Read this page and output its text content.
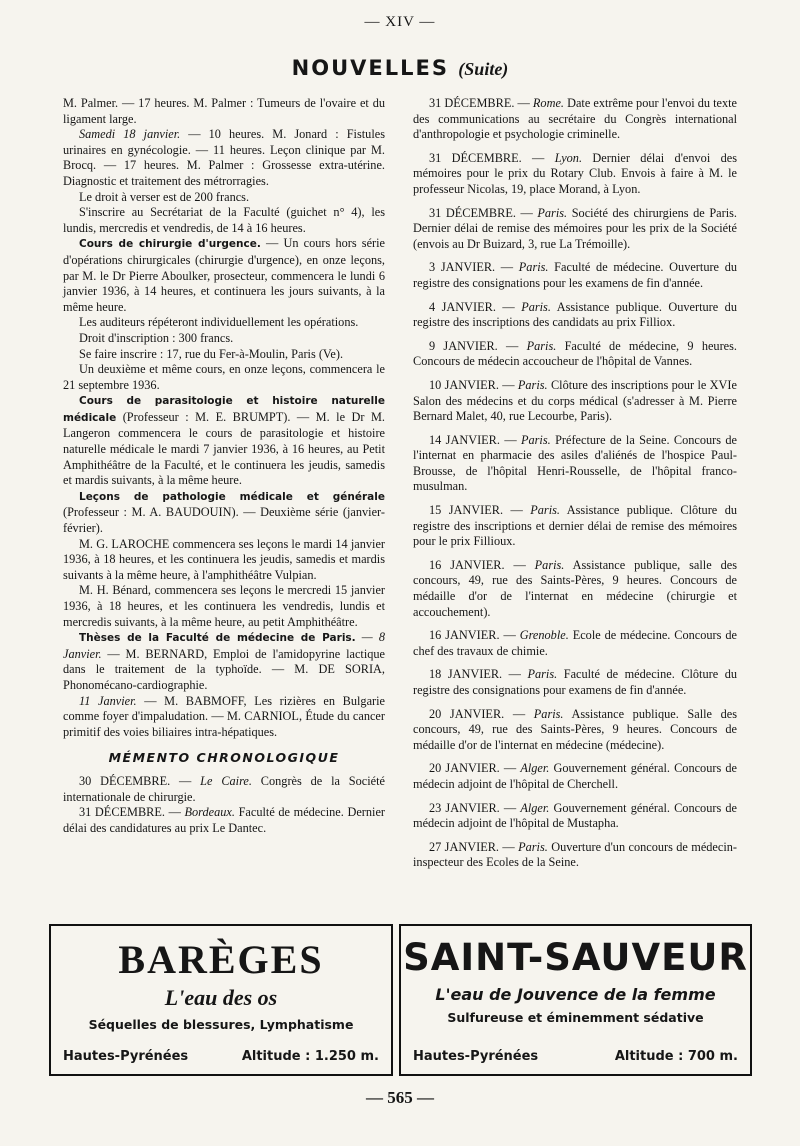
— XIV —
NOUVELLES (Suite)

M. Palmer. — 17 heures. M. Palmer : Tumeurs de l'ovaire et du ligament large.

Samedi 18 janvier. — 10 heures. M. Jonard : Fistules urinaires en gynécologie. — 11 heures. Leçon clinique par M. Brocq. — 17 heures. M. Palmer : Grossesse extra-utérine. Diagnostic et traitement des métrorragies.

Le droit à verser est de 200 francs.

S'inscrire au Secrétariat de la Faculté (guichet n° 4), les lundis, mercredis et vendredis, de 14 à 16 heures.

Cours de chirurgie d'urgence. — Un cours hors série d'opérations chirurgicales (chirurgie d'urgence), en onze leçons, par M. le Dr Pierre Aboulker, prosecteur, commencera le lundi 6 janvier 1936, à 14 heures, et continuera les jours suivants, à la même heure.

Les auditeurs répéteront individuellement les opérations.

Droit d'inscription : 300 francs.

Se faire inscrire : 17, rue du Fer-à-Moulin, Paris (Ve).

Un deuxième et même cours, en onze leçons, commencera le 21 septembre 1936.

Cours de parasitologie et histoire naturelle médicale (Professeur : M. E. BRUMPT). — M. le Dr M. Langeron commencera le cours de parasitologie et histoire naturelle médicale le mardi 7 janvier 1936, à 16 heures, au Petit Amphithéâtre de la Faculté, et le continuera les jeudis, samedis et mardis suivants, à la même heure.

Leçons de pathologie médicale et générale (Professeur : M. A. BAUDOUIN). — Deuxième série (janvier-février).

M. G. LAROCHE commencera ses leçons le mardi 14 janvier 1936, à 18 heures, et les continuera les jeudis, samedis et mardis suivants à la même heure, à l'amphithéâtre Vulpian.

M. H. Bénard, commencera ses leçons le mercredi 15 janvier 1936, à 18 heures, et les continuera les vendredis, lundis et mercredis suivants, à la même heure, au petit Amphithéâtre.

Thèses de la Faculté de médecine de Paris. — 8 Janvier. — M. BERNARD, Emploi de l'amidopyrine lactique dans le traitement de la typhoïde. — M. DE SORIA, Phonomécano-cardiographie.

11 Janvier. — M. BABMOFF, Les rizières en Bulgarie comme foyer d'impaludation. — M. CARNIOL, Étude du cancer primitif des voies biliaires intra-hépatiques.

MÉMENTO CHRONOLOGIQUE

30 DÉCEMBRE. — Le Caire. Congrès de la Société internationale de chirurgie.

31 DÉCEMBRE. — Bordeaux. Faculté de médecine. Dernier délai des candidatures au prix Le Dantec.

31 DÉCEMBRE. — Rome. Date extrême pour l'envoi du texte des communications au secrétaire du Congrès international d'anthropologie et psychologie criminelle.

31 DÉCEMBRE. — Lyon. Dernier délai d'envoi des mémoires pour le prix du Rotary Club. Envois à faire à M. le professeur Nicolas, 19, place Morand, à Lyon.

31 DÉCEMBRE. — Paris. Société des chirurgiens de Paris. Dernier délai de remise des mémoires pour les prix de la Société (envois au Dr Buizard, 3, rue La Trémoille).

3 JANVIER. — Paris. Faculté de médecine. Ouverture du registre des consignations pour les examens de fin d'année.

4 JANVIER. — Paris. Assistance publique. Ouverture du registre des inscriptions des candidats au prix Filliox.

9 JANVIER. — Paris. Faculté de médecine, 9 heures. Concours de médecin accoucheur de l'hôpital de Vannes.

10 JANVIER. — Paris. Clôture des inscriptions pour le XVIe Salon des médecins et du corps médical (s'adresser à M. Pierre Bernard Malet, 40, rue Lecourbe, Paris).

14 JANVIER. — Paris. Préfecture de la Seine. Concours de l'internat en pharmacie des asiles d'aliénés de l'hospice Paul-Brousse, de l'hôpital Henri-Rousselle, de l'hôpital franco-musulman.

15 JANVIER. — Paris. Assistance publique. Clôture du registre des inscriptions et dernier délai de remise des mémoires pour le prix Fillioux.

16 JANVIER. — Paris. Assistance publique, salle des concours, 49, rue des Saints-Pères, 9 heures. Concours de médaille d'or de l'internat en médecine (chirurgie et accouchement).

16 JANVIER. — Grenoble. Ecole de médecine. Concours de chef des travaux de chimie.

18 JANVIER. — Paris. Faculté de médecine. Clôture du registre des consignations pour examens de fin d'année.

20 JANVIER. — Paris. Assistance publique. Salle des concours, 49, rue des Saints-Pères, 9 heures. Concours de médaille d'or de l'internat en médecine (médecine).

20 JANVIER. — Alger. Gouvernement général. Concours de médecin adjoint de l'hôpital de Cherchell.

23 JANVIER. — Alger. Gouvernement général. Concours de médecin adjoint de l'hôpital de Mustapha.

27 JANVIER. — Paris. Ouverture d'un concours de médecin-inspecteur des Ecoles de la Seine.

BARÈGES
L'eau des os
Séquelles de blessures, Lymphatisme
Hautes-Pyrénées	Altitude : 1.250 m.
SAINT-SAUVEUR
L'eau de Jouvence de la femme
Sulfureuse et éminemment sédative
Hautes-Pyrénées	Altitude : 700 m.
— 565 —
